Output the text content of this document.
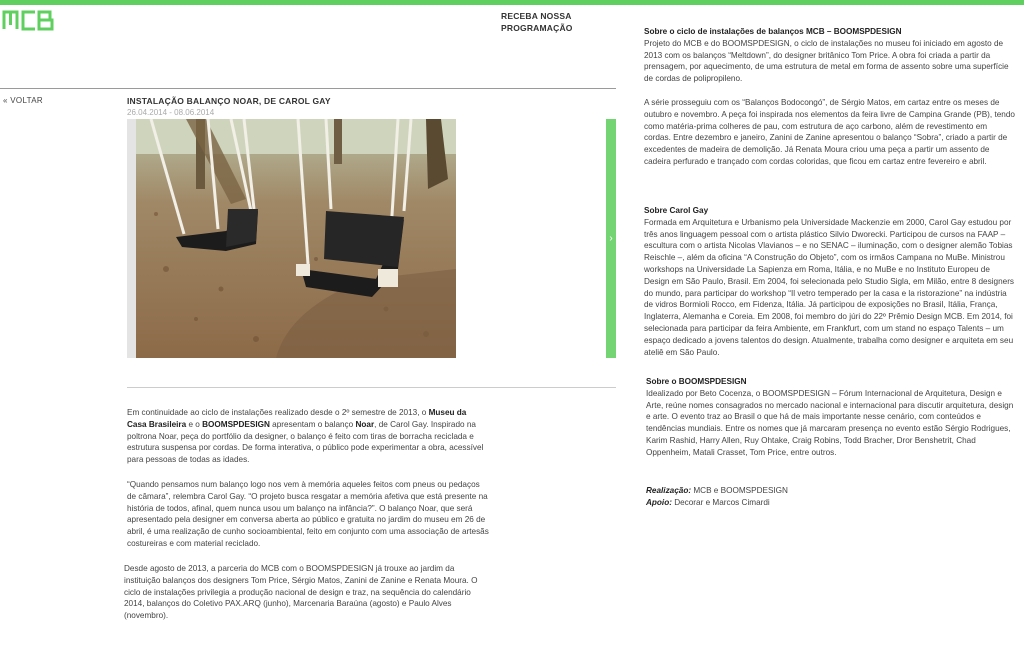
RECEBA NOSSA
PROGRAMAÇÃO
« VOLTAR	INSTALAÇÃO BALANÇO NOAR, DE CAROL GAY
26.04.2014 - 08.06.2014
›

Em continuidade ao ciclo de instalações realizado desde o 2º semestre de 2013, o Museu da Casa Brasileira e o BOOMSPDESIGN apresentam o balanço Noar, de Carol Gay. Inspirado na poltrona Noar, peça do portfólio da designer, o balanço é feito com tiras de borracha reciclada e estrutura suspensa por cordas. De forma interativa, o público pode experimentar a obra, acessível para pessoas de todas as idades.

“Quando pensamos num balanço logo nos vem à memória aqueles feitos com pneus ou pedaços de câmara”, relembra Carol Gay. “O projeto busca resgatar a memória afetiva que está presente na história de todos, afinal, quem nunca usou um balanço na infância?”. O balanço Noar, que será apresentado pela designer em conversa aberta ao público e gratuita no jardim do museu em 26 de abril, é uma realização de cunho socioambiental, feito em conjunto com uma associação de artesãs costureiras e com material reciclado.

Desde agosto de 2013, a parceria do MCB com o BOOMSPDESIGN já trouxe ao jardim da instituição balanços dos designers Tom Price, Sérgio Matos, Zanini de Zanine e Renata Moura. O ciclo de instalações privilegia a produção nacional de design e traz, na sequência do calendário 2014, balanços do Coletivo PAX.ARQ (junho), Marcenaria Baraúna (agosto) e Paulo Alves (novembro).

Sobre o ciclo de instalações de balanços MCB – BOOMSPDESIGN
Projeto do MCB e do BOOMSPDESIGN, o ciclo de instalações no museu foi iniciado em agosto de 2013 com os balanços “Meltdown”, do designer britânico Tom Price. A obra foi criada a partir da prensagem, por aquecimento, de uma estrutura de metal em forma de assento sobre uma superfície de cordas de polipropileno.
A série prosseguiu com os “Balanços Bodocongó”, de Sérgio Matos, em cartaz entre os meses de outubro e novembro. A peça foi inspirada nos elementos da feira livre de Campina Grande (PB), tendo como matéria-prima colheres de pau, com estrutura de aço carbono, além de revestimento em cordas. Entre dezembro e janeiro, Zanini de Zanine apresentou o balanço “Sobra”, criado a partir de excedentes de madeira de demolição. Já Renata Moura criou uma peça a partir um assento de cadeira perfurado e trançado com cordas coloridas, que ficou em cartaz entre fevereiro e abril.
Sobre Carol Gay
Formada em Arquitetura e Urbanismo pela Universidade Mackenzie em 2000, Carol Gay estudou por três anos linguagem pessoal com o artista plástico Silvio Dworecki. Participou de cursos na FAAP – escultura com o artista Nicolas Vlavianos – e no SENAC – iluminação, com o designer alemão Tobias Reischle –, além da oficina “A Construção do Objeto”, com os irmãos Campana no MuBe. Ministrou workshops na Universidade La Sapienza em Roma, Itália, e no MuBe e no Instituto Europeu de Design em São Paulo, Brasil. Em 2004, foi selecionada pelo Studio Sigla, em Milão, entre 8 designers do mundo, para participar do workshop “Il vetro temperado per la casa e la ristorazione” na indústria de vidros Bormioli Rocco, em Fidenza, Itália. Já participou de exposições no Brasil, Itália, França, Inglaterra, Alemanha e Coreia. Em 2008, foi membro do júri do 22º Prêmio Design MCB. Em 2014, foi selecionada para participar da feira Ambiente, em Frankfurt, com um stand no espaço Talents – um espaço dedicado a jovens talentos do design. Atualmente, trabalha como designer e arquiteta em seu ateliê em São Paulo.
Sobre o BOOMSPDESIGN
Idealizado por Beto Cocenza, o BOOMSPDESIGN – Fórum Internacional de Arquitetura, Design e Arte, reúne nomes consagrados no mercado nacional e internacional para discutir arquitetura, design e arte. O evento traz ao Brasil o que há de mais importante nesse cenário, com conteúdos e tendências mundiais. Entre os nomes que já marcaram presença no evento estão Sérgio Rodrigues, Karim Rashid, Harry Allen, Ruy Ohtake, Craig Robins, Todd Bracher, Dror Benshetrit, Chad Oppenheim, Matali Crasset, Tom Price, entre outros.
Realização: MCB e BOOMSPDESIGN
Apoio: Decorar e Marcos Cimardi
